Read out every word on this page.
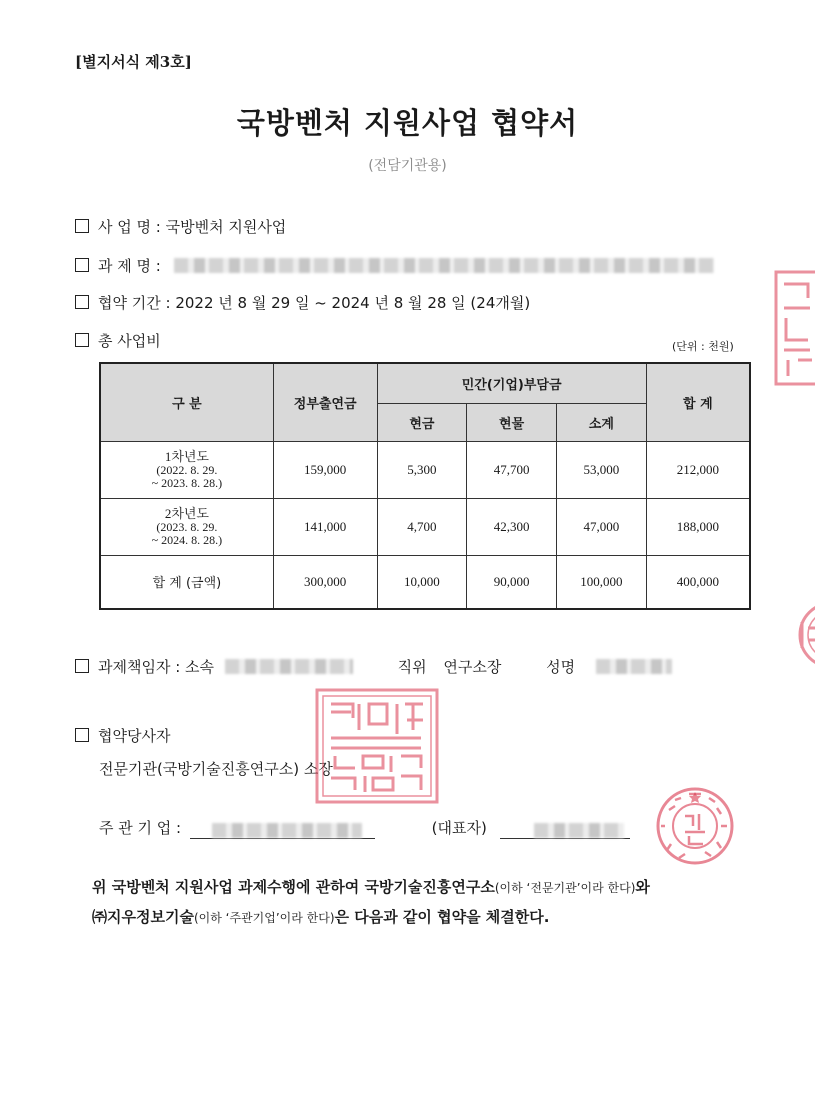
[별지서식 제3호]
국방벤처 지원사업 협약서
(전담기관용)
사 업 명 : 국방벤처 지원사업
과 제 명 :
협약 기간 : 2022 년 8 월 29 일 ~ 2024 년 8 월 28 일 (24개월)
총 사업비	(단위 : 천원)
구 분	정부출연금	민간(기업)부담금			합 계
		현금	현물	소계	

1차년도
(2022. 8. 29.
~ 2023. 8. 28.)	159,000	5,300	47,700	53,000	212,000

2차년도
(2023. 8. 29.
~ 2024. 8. 28.)	141,000	4,700	42,300	47,000	188,000
합 계 (금액)	300,000	10,000	90,000	100,000	400,000
과제책임자 : 소속	직위 연구소장	성명
협약당사자
전문기관(국방기술진흥연구소) 소장
주 관 기 업 :	(대표자)
위 국방벤처 지원사업 과제수행에 관하여 국방기술진흥연구소(이하 ‘전문기관’이라 한다)와
㈜지우정보기술(이하 ‘주관기업’이라 한다)은 다음과 같이 협약을 체결한다.
